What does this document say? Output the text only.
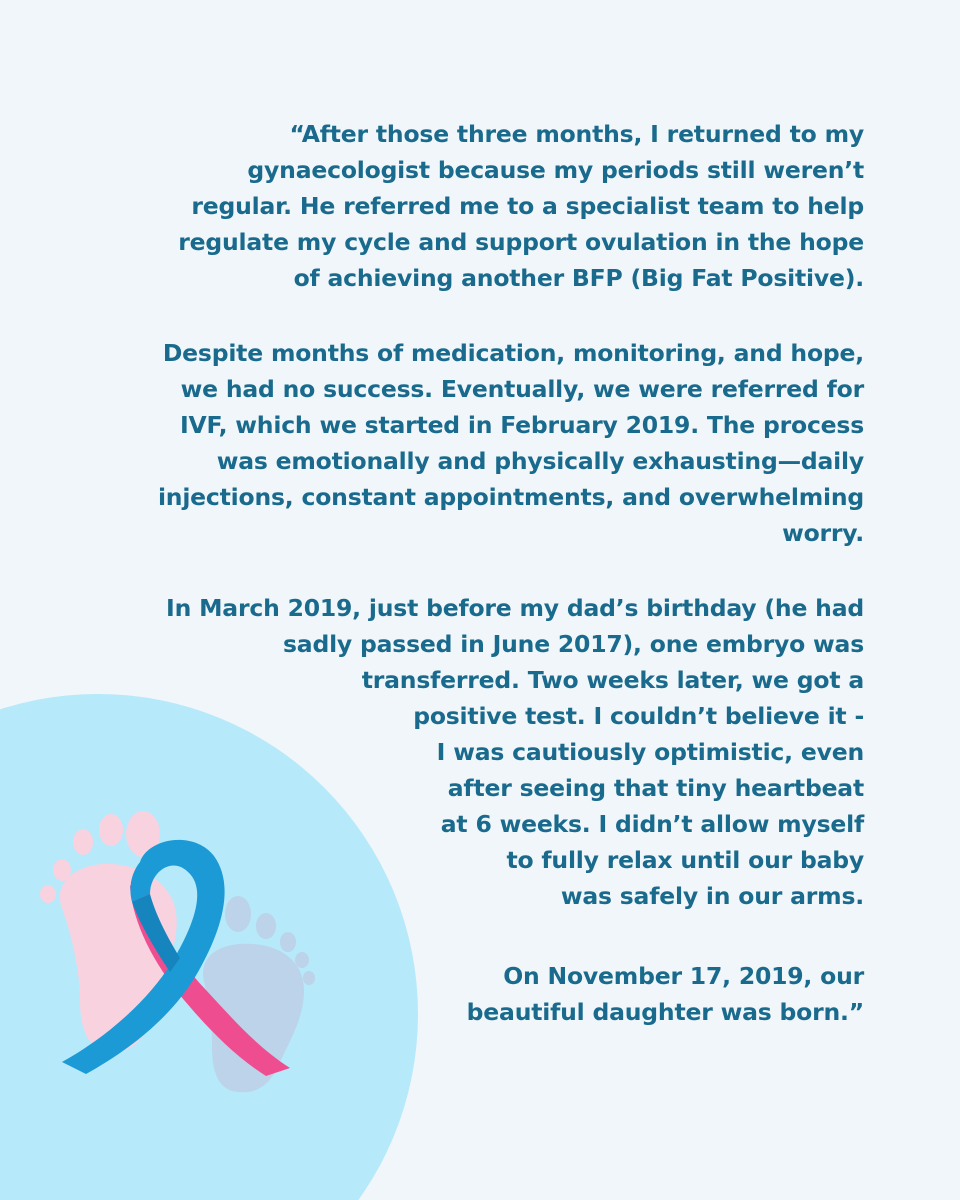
“After those three months, I returned to my
gynaecologist because my periods still weren’t
regular. He referred me to a specialist team to help
regulate my cycle and support ovulation in the hope
of achieving another BFP (Big Fat Positive).
Despite months of medication, monitoring, and hope,
we had no success. Eventually, we were referred for
IVF, which we started in February 2019. The process
was emotionally and physically exhausting—daily
injections, constant appointments, and overwhelming
worry.
In March 2019, just before my dad’s birthday (he had
sadly passed in June 2017), one embryo was
transferred. Two weeks later, we got a
positive test. I couldn’t believe it -
I was cautiously optimistic, even
after seeing that tiny heartbeat
at 6 weeks. I didn’t allow myself
to fully relax until our baby
was safely in our arms.
On November 17, 2019, our
beautiful daughter was born.”
